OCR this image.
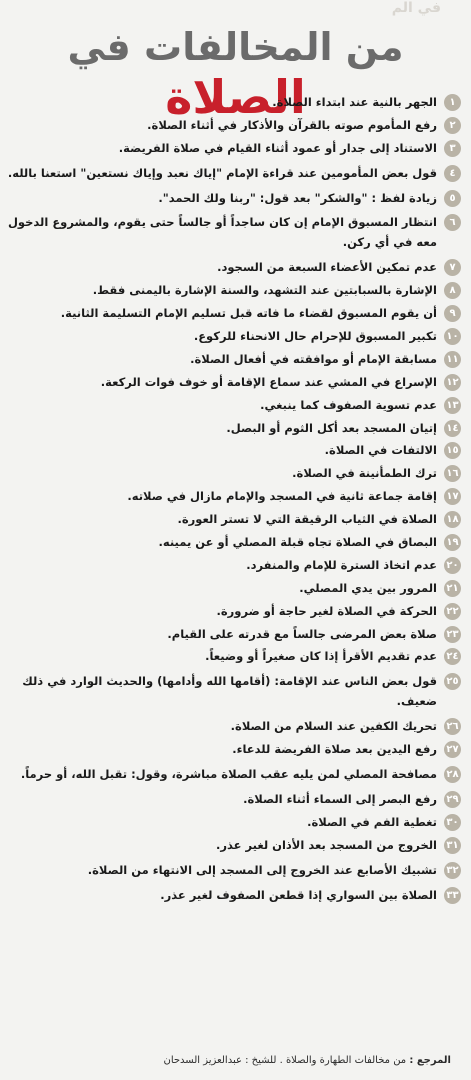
في الم
من المخالفات في الصلاة	١
الجهر بالنية عند ابتداء الصلاة.
٢
رفع المأموم صوته بالقرآن والأذكار في أثناء الصلاة.
٣
الاستناد إلى جدار أو عمود أثناء القيام في صلاة الفريضة.
٤
قول بعض المأمومين عند قراءة الإمام "إياك نعبد وإياك نستعين" استعنا بالله.
٥
زيادة لفظ : "والشكر" بعد قول: "ربنا ولك الحمد".
٦
انتظار المسبوق الإمام إن كان ساجداً أو جالساً حتى يقوم، والمشروع الدخول معه في أي ركن.
٧
عدم تمكين الأعضاء السبعة من السجود.
٨
الإشارة بالسبابتين عند التشهد، والسنة الإشارة باليمنى فقط.
٩
أن يقوم المسبوق لقضاء ما فاته قبل تسليم الإمام التسليمة الثانية.
١٠
تكبير المسبوق للإحرام حال الانحناء للركوع.
١١
مسابقة الإمام أو موافقته في أفعال الصلاة.
١٢
الإسراع في المشي عند سماع الإقامة أو خوف فوات الركعة.
١٣
عدم تسوية الصفوف كما ينبغي.
١٤
إتيان المسجد بعد أكل الثوم أو البصل.
١٥
الالتفات في الصلاة.
١٦
ترك الطمأنينة في الصلاة.
١٧
إقامة جماعة ثانية في المسجد والإمام مازال في صلاته.
١٨
الصلاة في الثياب الرقيقة التي لا تستر العورة.
١٩
البصاق في الصلاة تجاه قبلة المصلي أو عن يمينه.
٢٠
عدم اتخاذ السترة للإمام والمنفرد.
٢١
المرور بين يدي المصلي.
٢٢
الحركة في الصلاة لغير حاجة أو ضرورة.
٢٣
صلاة بعض المرضى جالساً مع قدرته على القيام.
٢٤
عدم تقديم الأقرأ إذا كان صغيراً أو وضيعاً.
٢٥
قول بعض الناس عند الإقامة: (أقامها الله وأدامها) والحديث الوارد في ذلك ضعيف.
٢٦
تحريك الكفين عند السلام من الصلاة.
٢٧
رفع اليدين بعد صلاة الفريضة للدعاء.
٢٨
مصافحة المصلي لمن يليه عقب الصلاة مباشرة، وقول: تقبل الله، أو حرماً.
٢٩
رفع البصر إلى السماء أثناء الصلاة.
٣٠
تغطية الفم في الصلاة.
٣١
الخروج من المسجد بعد الأذان لغير عذر.
٣٢
تشبيك الأصابع عند الخروج إلى المسجد إلى الانتهاء من الصلاة.
٣٣
الصلاة بين السواري إذا قطعن الصفوف لغير عذر.
المرجع : من مخالفات الطهارة والصلاة . للشيخ : عبدالعزيز السدحان
